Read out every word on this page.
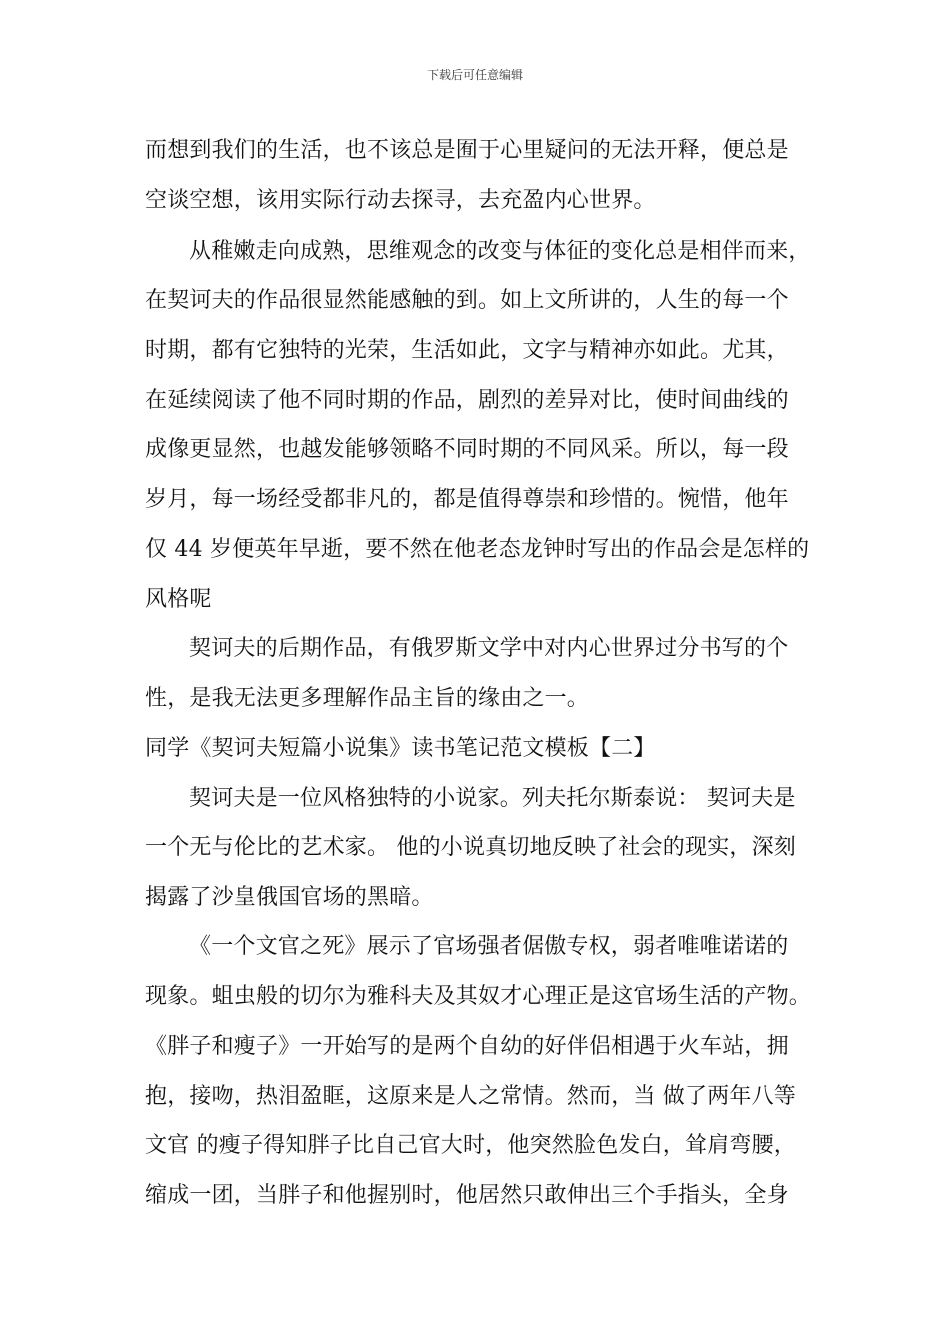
下载后可任意编辑
而想到我们的生活，也不该总是囿于心里疑问的无法开释，便总是
空谈空想，该用实际行动去探寻，去充盈内心世界。
从稚嫩走向成熟，思维观念的改变与体征的变化总是相伴而来，
在契诃夫的作品很显然能感触的到。如上文所讲的，人生的每一个
时期，都有它独特的光荣，生活如此，文字与精神亦如此。尤其，
在延续阅读了他不同时期的作品，剧烈的差异对比，使时间曲线的
成像更显然，也越发能够领略不同时期的不同风采。所以，每一段
岁月，每一场经受都非凡的，都是值得尊崇和珍惜的。惋惜，他年
仅 44 岁便英年早逝，要不然在他老态龙钟时写出的作品会是怎样的
风格呢
契诃夫的后期作品，有俄罗斯文学中对内心世界过分书写的个
性，是我无法更多理解作品主旨的缘由之一。
同学《契诃夫短篇小说集》读书笔记范文模板【二】
契诃夫是一位风格独特的小说家。列夫托尔斯泰说： 契诃夫是
一个无与伦比的艺术家。 他的小说真切地反映了社会的现实，深刻
揭露了沙皇俄国官场的黑暗。
《一个文官之死》展示了官场强者倨傲专权，弱者唯唯诺诺的
现象。蛆虫般的切尔为雅科夫及其奴才心理正是这官场生活的产物。
《胖子和瘦子》一开始写的是两个自幼的好伴侣相遇于火车站，拥
抱，接吻，热泪盈眶，这原来是人之常情。然而，当 做了两年八等
文官 的瘦子得知胖子比自己官大时，他突然脸色发白，耸肩弯腰，
缩成一团，当胖子和他握别时，他居然只敢伸出三个手指头，全身
